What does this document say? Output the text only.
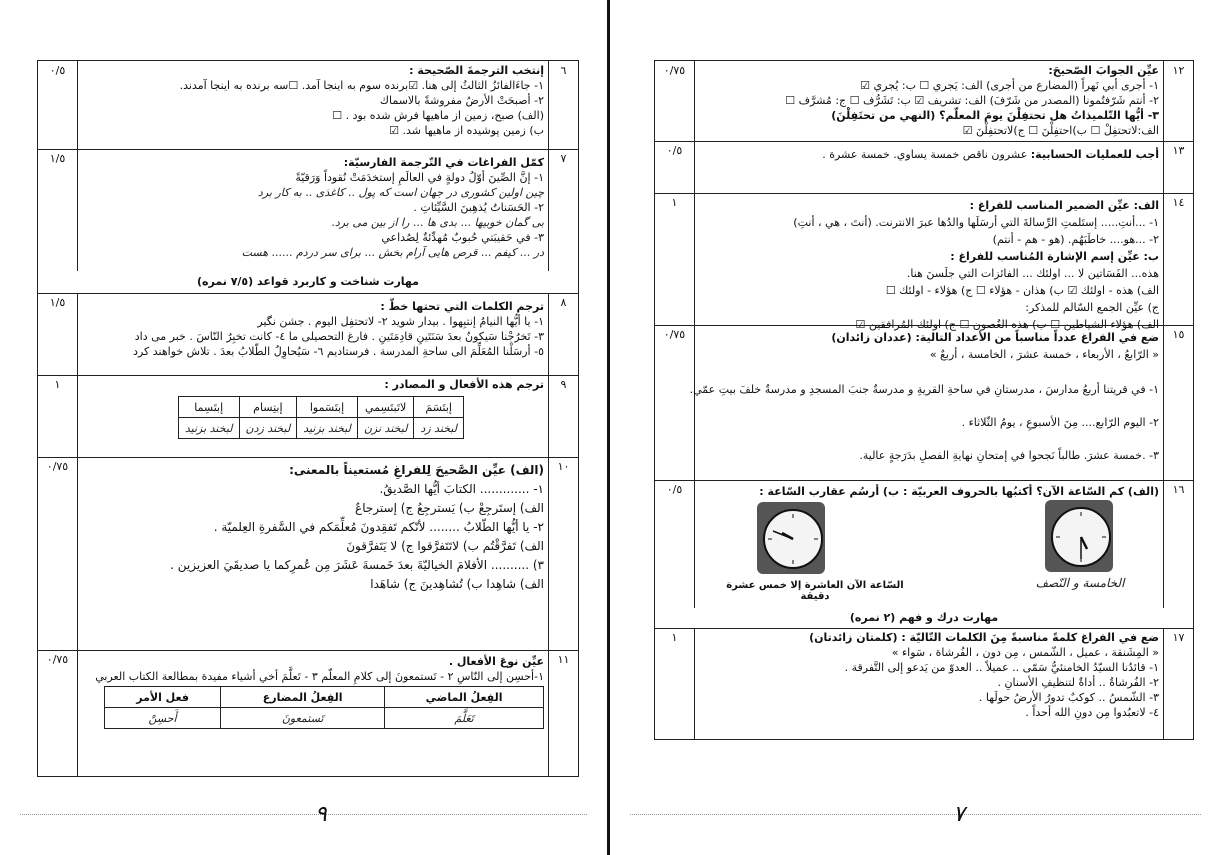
٦
٠/٥	إنتخب الترجمةَ الصّحيحة :
١- جاءَالفائزُ الثالثُ إلى هنا. ☑برنده سوم به اينجا آمد. ☐سه برنده به اينجا آمدند.
٢- أصبحَتْ الأرضُ مفروشةً بالاسماك
(الف) صبح، زمين از ماهيها فرش شده بود . ☐
ب) زمين پوشيده از ماهيها شد. ☑
٧
١/٥	كمّل الفراغات في التّرجمة الفارسيّة:
١- إنَّ الصِّينَ أوّلُ دولةٍ في العالَمِ إستخدَمَتْ نُقوداً وَرَقيّةً
چين اولين كشوری در جهان است كه پول .. كاغذی .. به كار برد
٢- الحَسَناتُ يُذهِبنَ السَّيِّئاتِ .
بی گمان خوبيها ... بدی ها ... را از بين می برد.
٣- في حَقيبَتي حُبوبٌ مُهدِّئةٌ لِصُداعي
در ... كيفم ... قرص هايی آرام بخش ... برای سر دردم ...... هست
مهارت شناخت و كاربرد قواعد (٧/٥ نمره)
٨
١/٥	ترجم الكلمات التي تحتها خطّ :
١- يا أيُّها النيامُ إنتبِهوا . بيدار شويد ٢- لاتحتفِل اليوم . جشن نگير
٣- تَخرُجْنا سَيكونُ بعدَ سَنَتَينِ قادِمَتَينِ . فارغ التحصيلی ما ٤- كانت تخبِرُ النّاسَ . خبر می داد
٥- أرسَلْنا المُعَلِّمَ الى ساحةِ المدرسة . فرستاديم ٦- سَيُحاوِلُ الطّلابُ بعدَ . تلاش خواهند كرد
٩
١	ترجم هذه الأفعال و المصادر :
إبتَسَمَ	لاتَبتَسِمي	إبتَسَموا	إبتِسام	إبتَسِما
لبخند زد	لبخند نزن	لبخند بزنيد	لبخند زدن	لبخند بزنيد
١٠
٠/٧٥	(الف) عيِّن الصَّحيحَ لِلفراغِ مُستعيناً بالمعنى:
١- ............. الكتابَ أيُّها الصَّديقُ.
الف) إستَرجِعْ ب) يَسترجِعُ ج) إسترجاعٌ
٢- يا أيُّها الطّلابُ ........ لأنّكم تَفقِدونَ مُعلِّمَكم في السَّفرةِ العِلميّة .
الف) تَفرَّقْتُم ب) لاتَتَفرَّقوا ج) لا يَتَفرَّقونَ
٣) .......... الأفلامَ الخياليّةَ بعدَ خَمسةَ عَشَرَ مِن عُمرِكما يا صديقَيَ العزيزين .
الف) شاهِدا ب) تُشاهِدينَ ج) شاهَدا
١١
٠/٧٥	عيِّن نوعَ الأفعال .
١-أحسِن إلى النّاسِ ٢ - تَستمعونَ إلى كلامِ المعلّم ٣ - تَعلَّمَ أخي أشياء مفيدة بمطالعة الكتاب العربي
الفِعلُ الماضي	الفِعلُ المضارع	فعل الأمر
تَعَلَّمَ	تَستمعونَ	أَحسِنْ
٩
١٢
٠/٧٥	عيِّن الجوابَ الصّحيحَ:
١- أجرى أبي نَهراً (المضارع من أجرى) الف: يَجري ☐ ب: يُجري ☑
٢- أنتم شَرّفتُمونا (المصدر من شَرّفَ) الف: تشريف ☑ ب: تَشَرُّف ☐ ج: مُشرَّف ☐
٣- أيُّها التّلميذاتُ هل تحتفِلْنَ يومَ المعلّم؟ (النهي من تحتَفِلْنَ)
الف:لاتحتفِلْ ☐ ب)احتفِلْنَ ☐ ج)لاتحتفِلْنَ ☑
١٣
٠/٥	أجب للعمليات الحسابية: عشرون ناقص خمسة يساوي. خمسة عشرة .
١٤
١	الف: عيِّن الضمير المناسب للفراغ :
١- ...أنتِ..... إستَلمتِ الرِّسالةَ التي أرسَلَها والدُها عبرَ الانترنت. (أنتَ ، هي ، أنتِ)
٢- ...هو.... خاطَبَهُم. (هو - هم - أنتم)
ب: عيِّن إسم الإشارة المُناسب للفراغ :
هذه... الفَسَاتين لا ... اولئك ... الفائزات التي جلَسنَ هنا.
الف) هذه - اولئك ☑ ب) هذان - هؤلاء ☐ ج) هؤلاء - اولئك ☐
ج) عيِّن الجمع السّالم للمذكر:
الف) هؤلاء الشياطين ☐ ب) هذه الغُصون ☐ ج) اولئك المُرافقين ☑
١٥
٠/٧٥	ضع في الفراغ عدداً مناسباً من الأعداد التالية: (عددان زائدان)
« الرّابعُ ، الأربعاء ، خمسة عشرَ ، الخامسة ، أربعٌ »
١- في قريتنا أربعُ مدارسَ ، مدرستانِ في ساحةِ القريةِ و مدرسةٌ جنبَ المسجدِ و مدرسةٌ خلفَ بيتِ عمّي.
٢- اليوم الرّابع.... مِنَ الأسبوعِ ، يومُ الثّلاثاء .
٣- .خمسة عشرَ. طالباً نَجحوا في إمتحانِ نهايةِ الفصلِ بدَرَجةٍ عالية.
١٦
٠/٥	(الف) كم السّاعة الآن؟ أكتبُها بالحروف العربيّة :
ب) أرسُم عقارب السّاعة :
الخامسة و النّصف
السّاعة الآن العاشرة إلا خمس عشرة دقيقة
مهارت درك و فهم (٢ نمره)
١٧
١	ضع في الفراغ كلمةً مناسبةً مِنَ الكلمات التّاليّة : (كلمتان زائدتان)
« المِشَنقة ، عميل ، الشّمس ، مِن دون ، الفُرشاة ، سَواء »
١- قائدُنا السيّدُ الخامنئيُّ سَمّى .. عميلاً .. العدوّ من يَدعو إلى التَّفرقة .
٢- الفُرشاةُ .. أداةٌ لتنظيفِ الأسنانِ .
٣- الشّمسُ .. كوكبٌ تدورُ الأرضُ حولَها .
٤- لاتعبُدوا مِن دونِ الله أحداً .
٧
